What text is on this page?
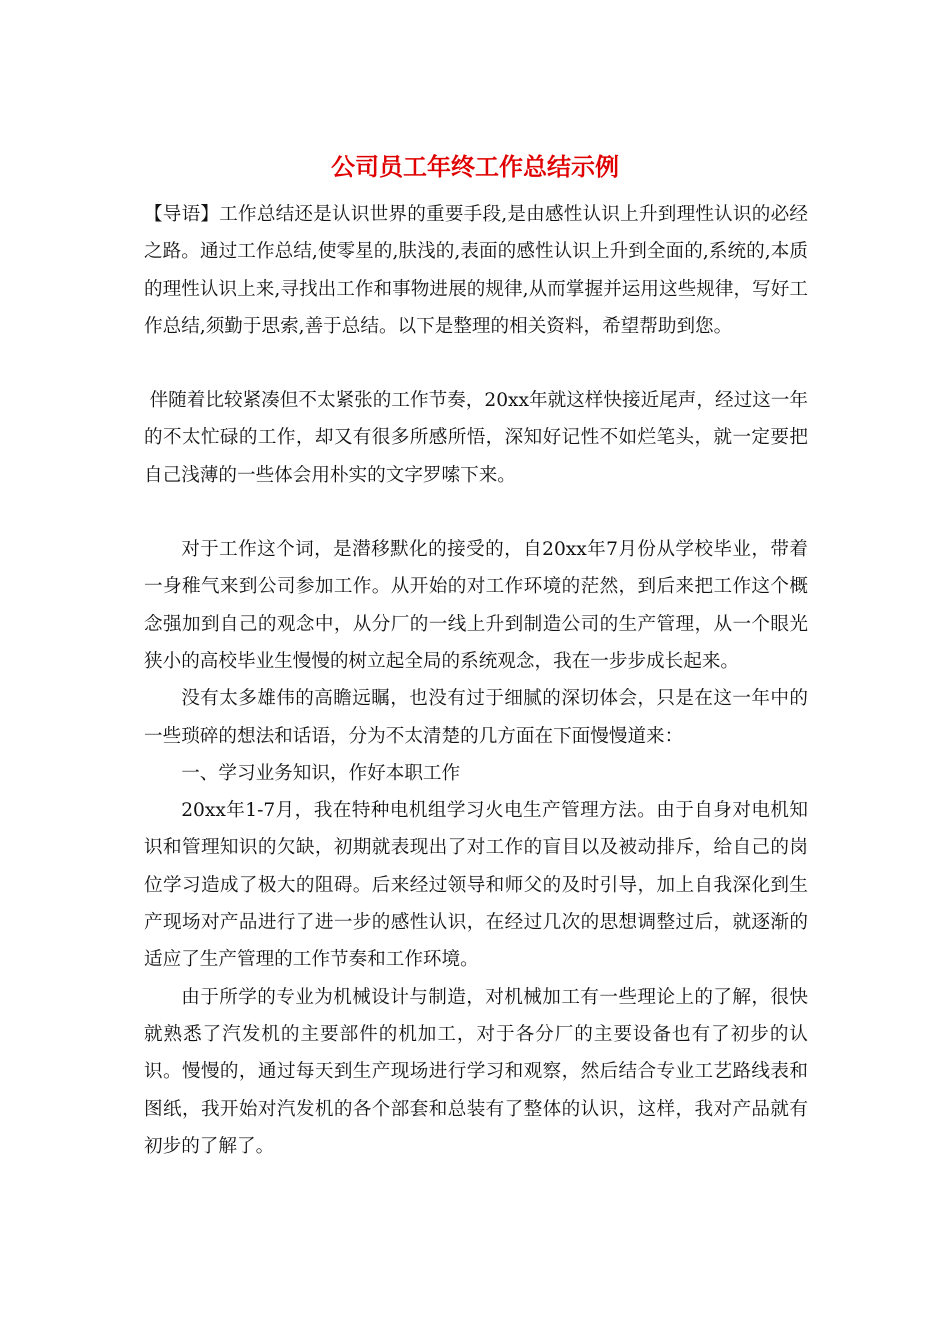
公司员工年终工作总结示例

【导语】工作总结还是认识世界的重要手段,是由感性认识上升到理性认识的必经之路。通过工作总结,使零星的,肤浅的,表面的感性认识上升到全面的,系统的,本质的理性认识上来,寻找出工作和事物进展的规律,从而掌握并运用这些规律，写好工作总结,须勤于思索,善于总结。以下是整理的相关资料，希望帮助到您。

伴随着比较紧凑但不太紧张的工作节奏，20xx年就这样快接近尾声，经过这一年的不太忙碌的工作，却又有很多所感所悟，深知好记性不如烂笔头，就一定要把自己浅薄的一些体会用朴实的文字罗嗦下来。

对于工作这个词，是潜移默化的接受的，自20xx年7月份从学校毕业，带着一身稚气来到公司参加工作。从开始的对工作环境的茫然，到后来把工作这个概念强加到自己的观念中，从分厂的一线上升到制造公司的生产管理，从一个眼光狭小的高校毕业生慢慢的树立起全局的系统观念，我在一步步成长起来。

没有太多雄伟的高瞻远瞩，也没有过于细腻的深切体会，只是在这一年中的一些琐碎的想法和话语，分为不太清楚的几方面在下面慢慢道来：

一、学习业务知识，作好本职工作

20xx年1-7月，我在特种电机组学习火电生产管理方法。由于自身对电机知识和管理知识的欠缺，初期就表现出了对工作的盲目以及被动排斥，给自己的岗位学习造成了极大的阻碍。后来经过领导和师父的及时引导，加上自我深化到生产现场对产品进行了进一步的感性认识，在经过几次的思想调整过后，就逐渐的适应了生产管理的工作节奏和工作环境。

由于所学的专业为机械设计与制造，对机械加工有一些理论上的了解，很快就熟悉了汽发机的主要部件的机加工，对于各分厂的主要设备也有了初步的认识。慢慢的，通过每天到生产现场进行学习和观察，然后结合专业工艺路线表和图纸，我开始对汽发机的各个部套和总装有了整体的认识，这样，我对产品就有初步的了解了。
